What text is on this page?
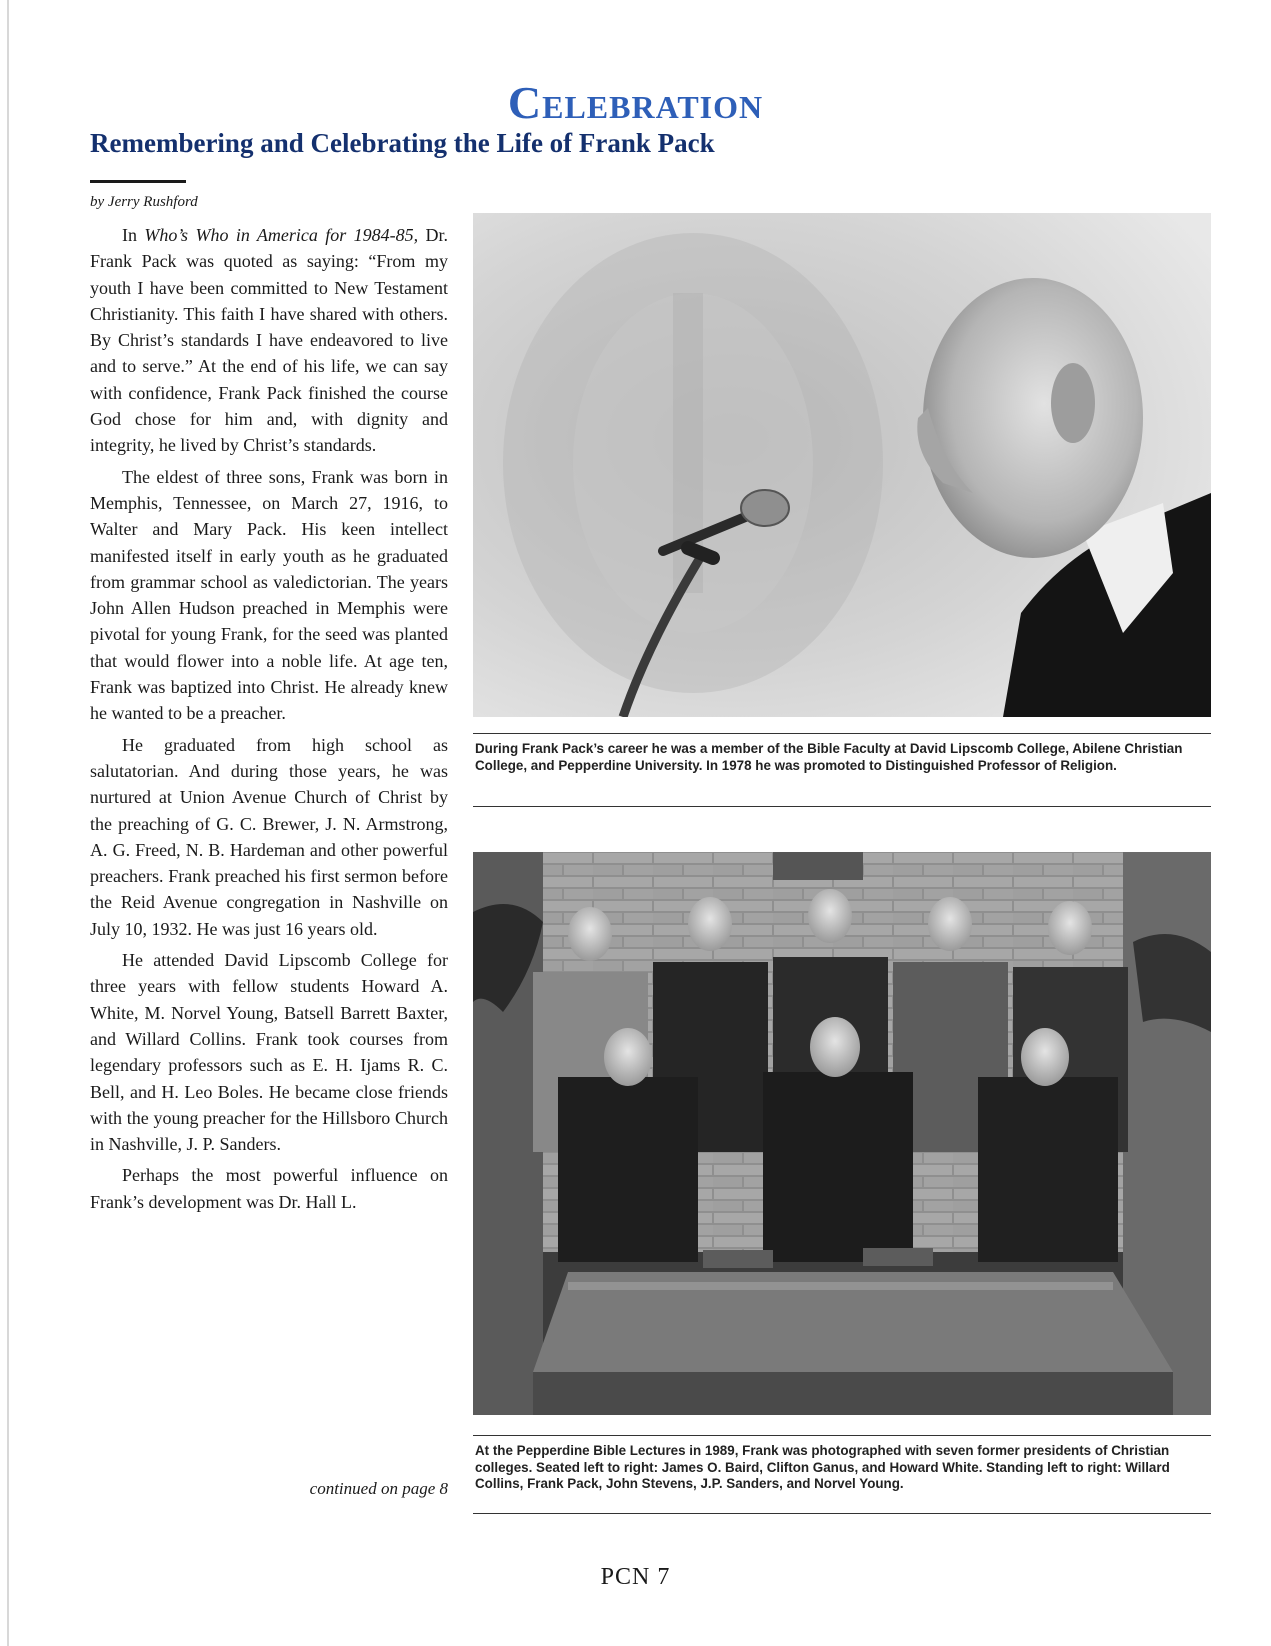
Celebration
Remembering and Celebrating the Life of Frank Pack
by Jerry Rushford

In Who’s Who in America for 1984-85, Dr. Frank Pack was quoted as saying: “From my youth I have been committed to New Testament Christianity. This faith I have shared with others. By Christ’s standards I have endeavored to live and to serve.” At the end of his life, we can say with confidence, Frank Pack finished the course God chose for him and, with dignity and integrity, he lived by Christ’s standards.

The eldest of three sons, Frank was born in Memphis, Tennessee, on March 27, 1916, to Walter and Mary Pack. His keen intellect manifested itself in early youth as he graduated from grammar school as valedictorian. The years John Allen Hudson preached in Memphis were pivotal for young Frank, for the seed was planted that would flower into a noble life. At age ten, Frank was baptized into Christ. He already knew he wanted to be a preacher.

He graduated from high school as salutatorian. And during those years, he was nurtured at Union Avenue Church of Christ by the preaching of G. C. Brewer, J. N. Armstrong, A. G. Freed, N. B. Hardeman and other powerful preachers. Frank preached his first sermon before the Reid Avenue congregation in Nashville on July 10, 1932. He was just 16 years old.

He attended David Lipscomb College for three years with fellow students Howard A. White, M. Norvel Young, Batsell Barrett Baxter, and Willard Collins. Frank took courses from legendary professors such as E. H. Ijams R. C. Bell, and H. Leo Boles. He became close friends with the young preacher for the Hillsboro Church in Nashville, J. P. Sanders.

Perhaps the most powerful influence on Frank’s development was Dr. Hall L.

continued on page 8

During Frank Pack’s career he was a member of the Bible Faculty at David Lipscomb College, Abilene Christian College, and Pepperdine University. In 1978 he was promoted to Distinguished Professor of Religion.

At the Pepperdine Bible Lectures in 1989, Frank was photographed with seven former presidents of Christian colleges. Seated left to right: James O. Baird, Clifton Ganus, and Howard White. Standing left to right: Willard Collins, Frank Pack, John Stevens, J.P. Sanders, and Norvel Young.

PCN 7
